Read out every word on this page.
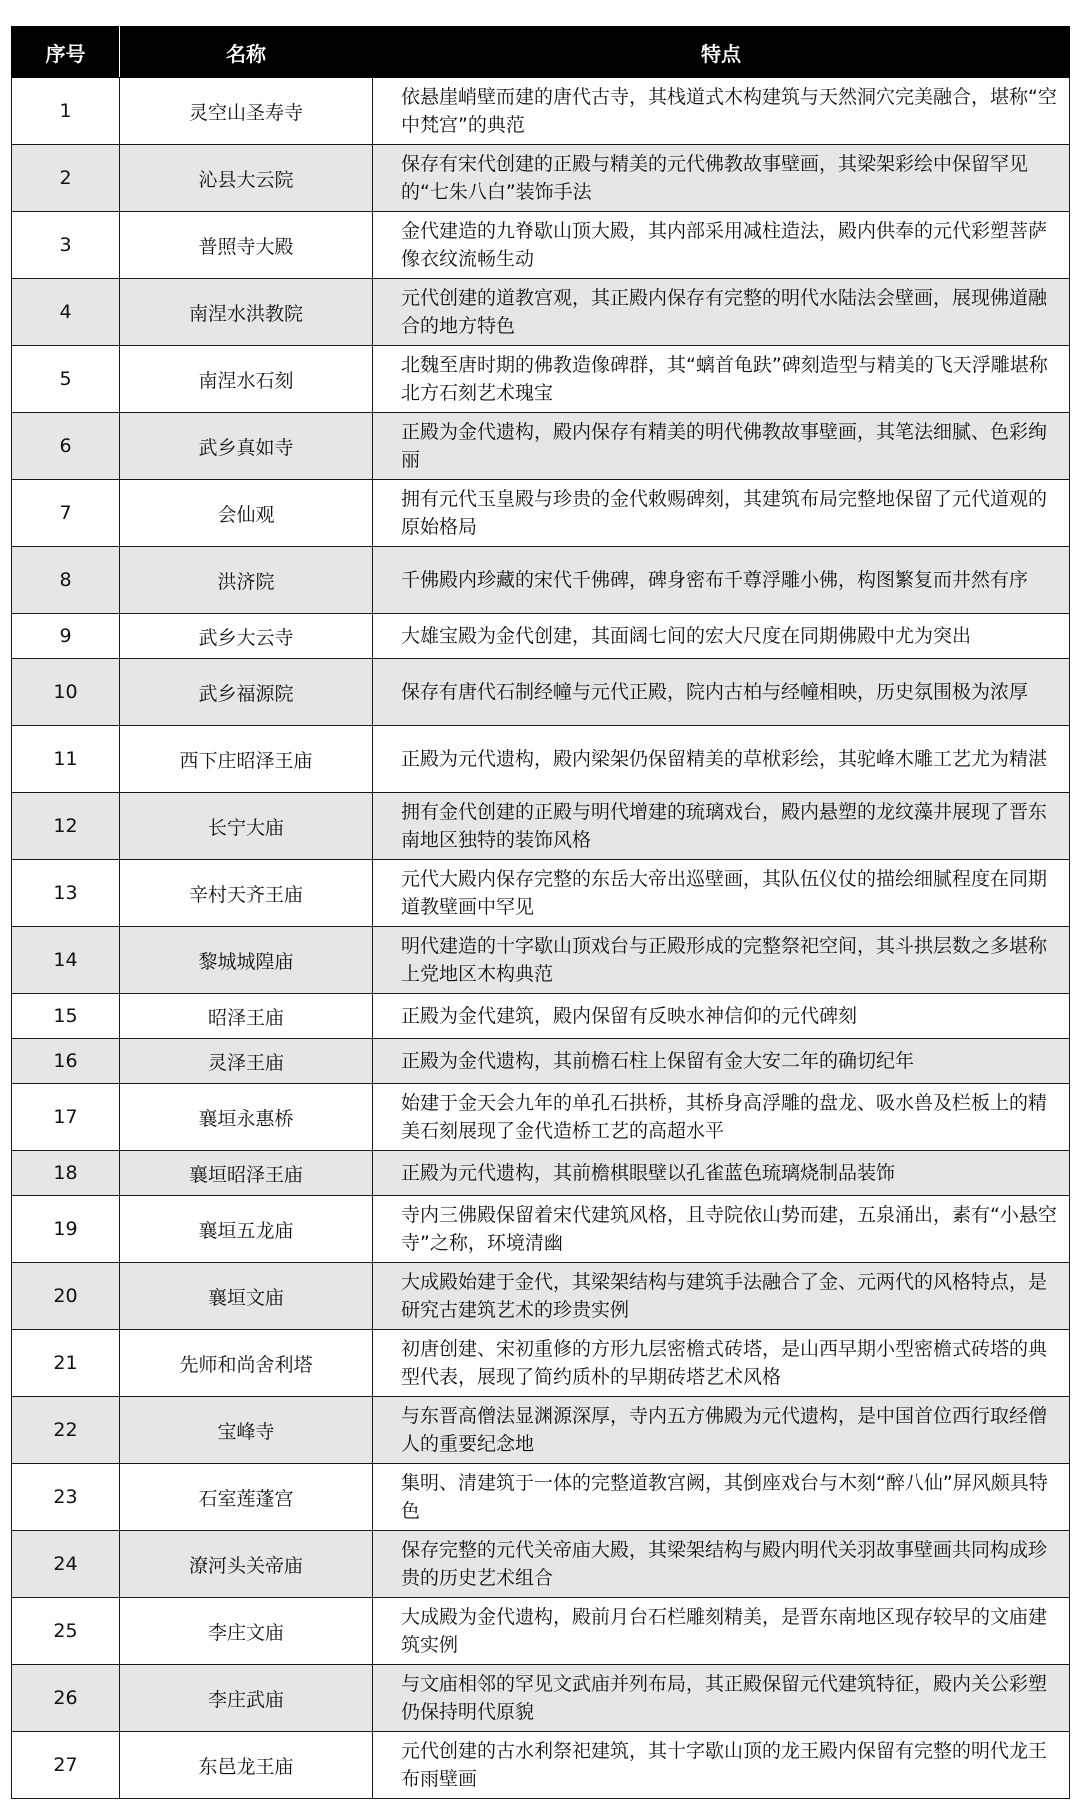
序号	名称	特点
1	灵空山圣寿寺	依悬崖峭壁而建的唐代古寺，其栈道式木构建筑与天然洞穴完美融合，堪称“空中梵宫”的典范
2	沁县大云院	保存有宋代创建的正殿与精美的元代佛教故事壁画，其梁架彩绘中保留罕见的“七朱八白”装饰手法
3	普照寺大殿	金代建造的九脊歇山顶大殿，其内部采用减柱造法，殿内供奉的元代彩塑菩萨像衣纹流畅生动
4	南涅水洪教院	元代创建的道教宫观，其正殿内保存有完整的明代水陆法会壁画，展现佛道融合的地方特色
5	南涅水石刻	北魏至唐时期的佛教造像碑群，其“螭首龟趺”碑刻造型与精美的飞天浮雕堪称北方石刻艺术瑰宝
6	武乡真如寺	正殿为金代遗构，殿内保存有精美的明代佛教故事壁画，其笔法细腻、色彩绚丽
7	会仙观	拥有元代玉皇殿与珍贵的金代敕赐碑刻，其建筑布局完整地保留了元代道观的原始格局
8	洪济院	千佛殿内珍藏的宋代千佛碑，碑身密布千尊浮雕小佛，构图繁复而井然有序
9	武乡大云寺	大雄宝殿为金代创建，其面阔七间的宏大尺度在同期佛殿中尤为突出
10	武乡福源院	保存有唐代石制经幢与元代正殿，院内古柏与经幢相映，历史氛围极为浓厚
11	西下庄昭泽王庙	正殿为元代遗构，殿内梁架仍保留精美的草栿彩绘，其驼峰木雕工艺尤为精湛
12	长宁大庙	拥有金代创建的正殿与明代增建的琉璃戏台，殿内悬塑的龙纹藻井展现了晋东南地区独特的装饰风格
13	辛村天齐王庙	元代大殿内保存完整的东岳大帝出巡壁画，其队伍仪仗的描绘细腻程度在同期道教壁画中罕见
14	黎城城隍庙	明代建造的十字歇山顶戏台与正殿形成的完整祭祀空间，其斗拱层数之多堪称上党地区木构典范
15	昭泽王庙	正殿为金代建筑，殿内保留有反映水神信仰的元代碑刻
16	灵泽王庙	正殿为金代遗构，其前檐石柱上保留有金大安二年的确切纪年
17	襄垣永惠桥	始建于金天会九年的单孔石拱桥，其桥身高浮雕的盘龙、吸水兽及栏板上的精美石刻展现了金代造桥工艺的高超水平
18	襄垣昭泽王庙	正殿为元代遗构，其前檐棋眼壁以孔雀蓝色琉璃烧制品装饰
19	襄垣五龙庙	寺内三佛殿保留着宋代建筑风格，且寺院依山势而建，五泉涌出，素有“小悬空寺”之称，环境清幽
20	襄垣文庙	大成殿始建于金代，其梁架结构与建筑手法融合了金、元两代的风格特点，是研究古建筑艺术的珍贵实例
21	先师和尚舍利塔	初唐创建、宋初重修的方形九层密檐式砖塔，是山西早期小型密檐式砖塔的典型代表，展现了简约质朴的早期砖塔艺术风格
22	宝峰寺	与东晋高僧法显渊源深厚，寺内五方佛殿为元代遗构，是中国首位西行取经僧人的重要纪念地
23	石室莲蓬宫	集明、清建筑于一体的完整道教宫阙，其倒座戏台与木刻“醉八仙”屏风颇具特色
24	潦河头关帝庙	保存完整的元代关帝庙大殿，其梁架结构与殿内明代关羽故事壁画共同构成珍贵的历史艺术组合
25	李庄文庙	大成殿为金代遗构，殿前月台石栏雕刻精美，是晋东南地区现存较早的文庙建筑实例
26	李庄武庙	与文庙相邻的罕见文武庙并列布局，其正殿保留元代建筑特征，殿内关公彩塑仍保持明代原貌
27	东邑龙王庙	元代创建的古水利祭祀建筑，其十字歇山顶的龙王殿内保留有完整的明代龙王布雨壁画
